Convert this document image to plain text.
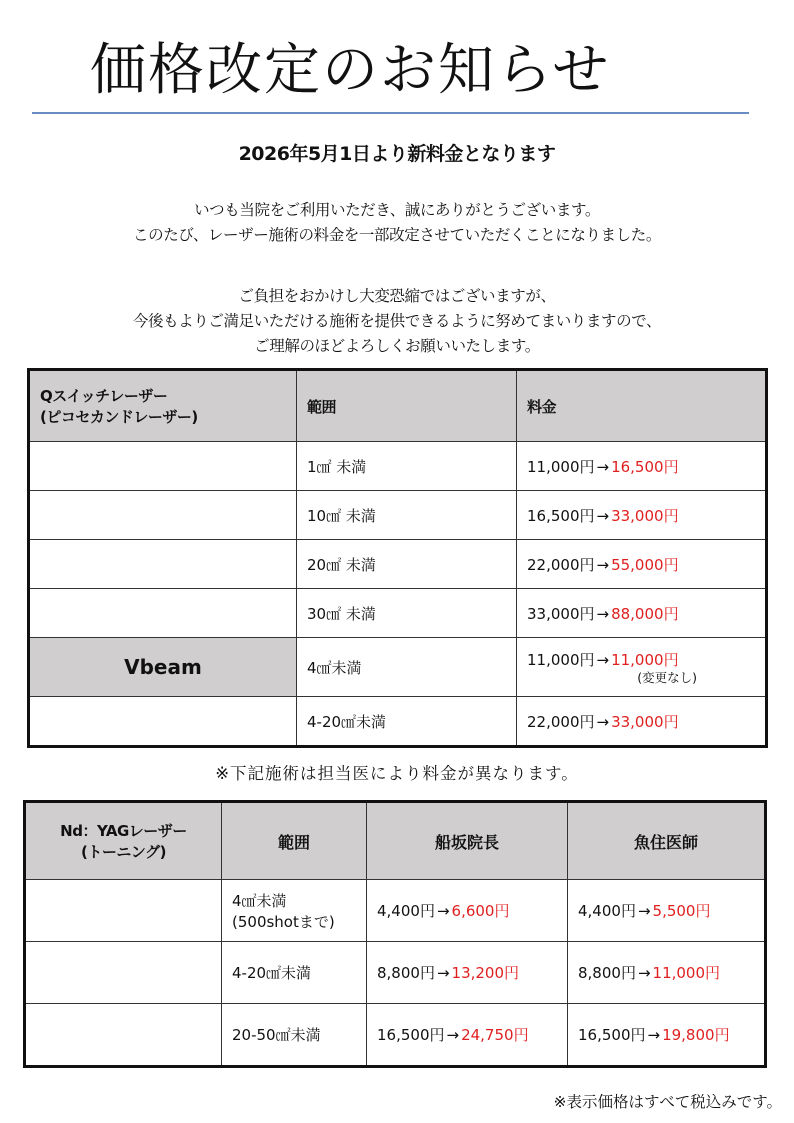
価格改定のお知らせ
2026年5月1日より新料金となります
いつも当院をご利用いただき、誠にありがとうございます。
このたび、レーザー施術の料金を一部改定させていただくことになりました。
ご負担をおかけし大変恐縮ではございますが、
今後もよりご満足いただける施術を提供できるように努めてまいりますので、
ご理解のほどよろしくお願いいたします。
Qスイッチレーザー
(ピコセカンドレーザー)	範囲	料金
	1㎠ 未満	11,000円 → 16,500円
	10㎠ 未満	16,500円 → 33,000円
	20㎠ 未満	22,000円 → 55,000円
	30㎠ 未満	33,000円 → 88,000円
Vbeam	4㎠未満	11,000円 → 11,000円
(変更なし)

	4-20㎠未満	22,000円 → 33,000円

※下記施術は担当医により料金が異なります。

Nd：YAGレーザー
(トーニング)	範囲	船坂院長	魚住医師

	4㎠未満
(500shotまで)	4,400円 → 6,600円	4,400円 → 5,500円

	4-20㎠未満	8,800円 → 13,200円	8,800円 → 11,000円

	20-50㎠未満	16,500円 → 24,750円	16,500円 → 19,800円

※表示価格はすべて税込みです。
